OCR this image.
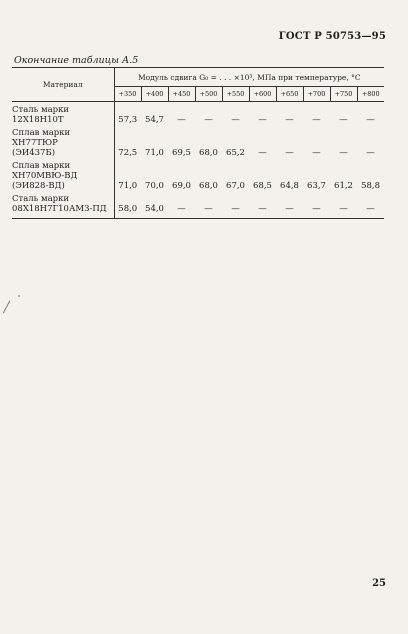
ГОСТ Р 50753—95
Окончание таблицы А.5
Материал	Модуль сдвига G₀ = . . . ×10³, МПа при температуре, °С									
	+350	+400	+450	+500	+550	+600	+650	+700	+750	+800

Сталь марки
12Х18Н10Т	57,3	54,7	—	—	—	—	—	—	—	—

Сплав марки
ХН77ТЮР
(ЭИ437Б)	72,5	71,0	69,5	68,0	65,2	—	—	—	—	—

Сплав марки
ХН70МВЮ-ВД
(ЭИ828-ВД)	71,0	70,0	69,0	68,0	67,0	68,5	64,8	63,7	61,2	58,8

Сталь марки
08Х18Н7Г10АМ3-ПД	58,0	54,0	—	—	—	—	—	—	—	—
25
